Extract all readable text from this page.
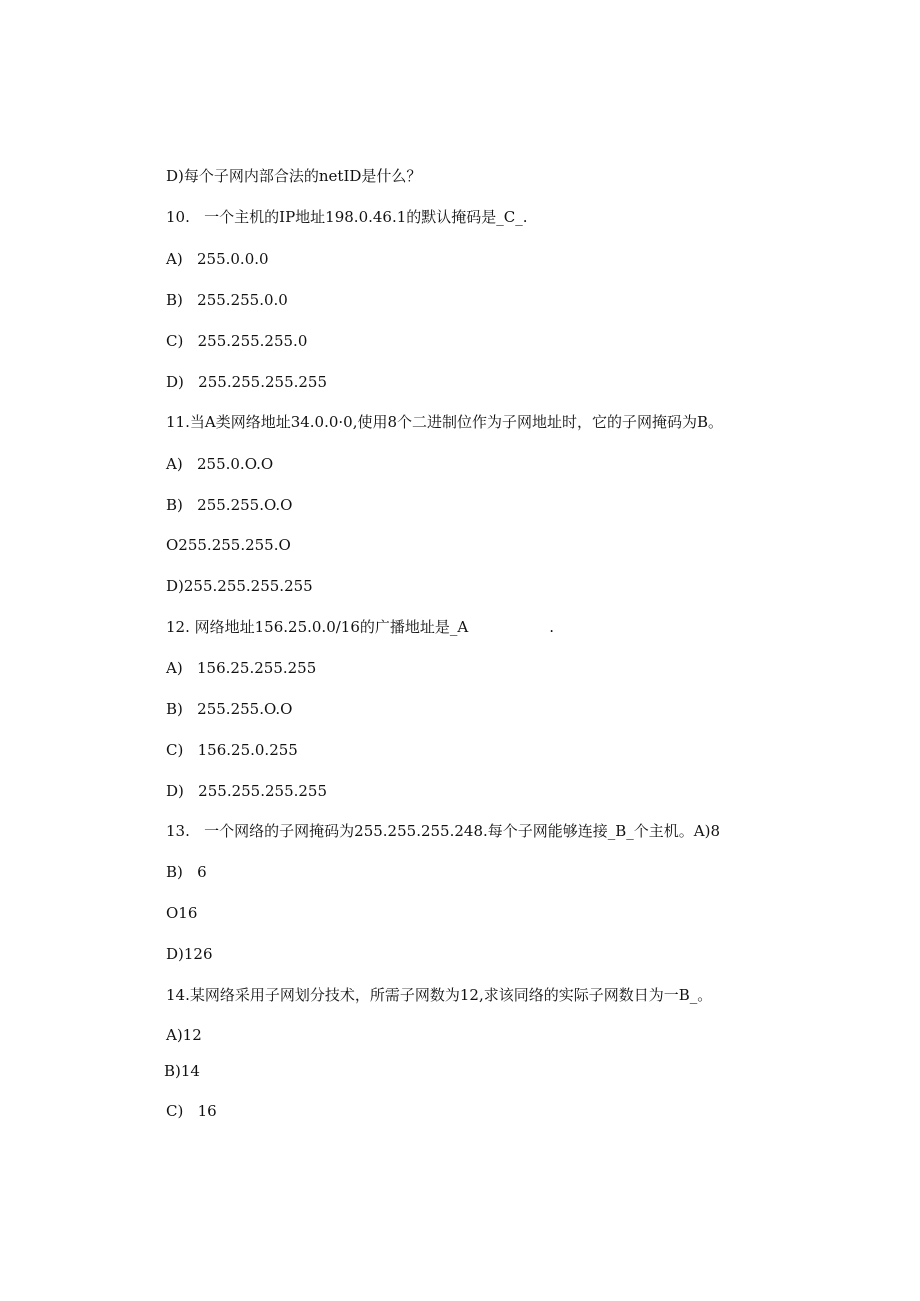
D)每个子网内部合法的netID是什么？
10.   一个主机的IP地址198.0.46.1的默认掩码是_C_.
A)   255.0.0.0
B)   255.255.0.0
C)   255.255.255.0
D)   255.255.255.255
11.当A类网络地址34.0.0·0,使用8个二进制位作为子网地址时，它的子网掩码为B。
A)   255.0.O.O
B)   255.255.O.O
O255.255.255.O
D)255.255.255.255
12. 网络地址156.25.0.0/16的广播地址是_A                 .
A)   156.25.255.255
B)   255.255.O.O
C)   156.25.0.255
D)   255.255.255.255
13.   一个网络的子网掩码为255.255.255.248.每个子网能够连接_B_个主机。A)8
B)   6
O16
D)126
14.某网络采用子网划分技术，所需子网数为12,求该同络的实际子网数日为一B_。
A)12
B)14
C)   16
